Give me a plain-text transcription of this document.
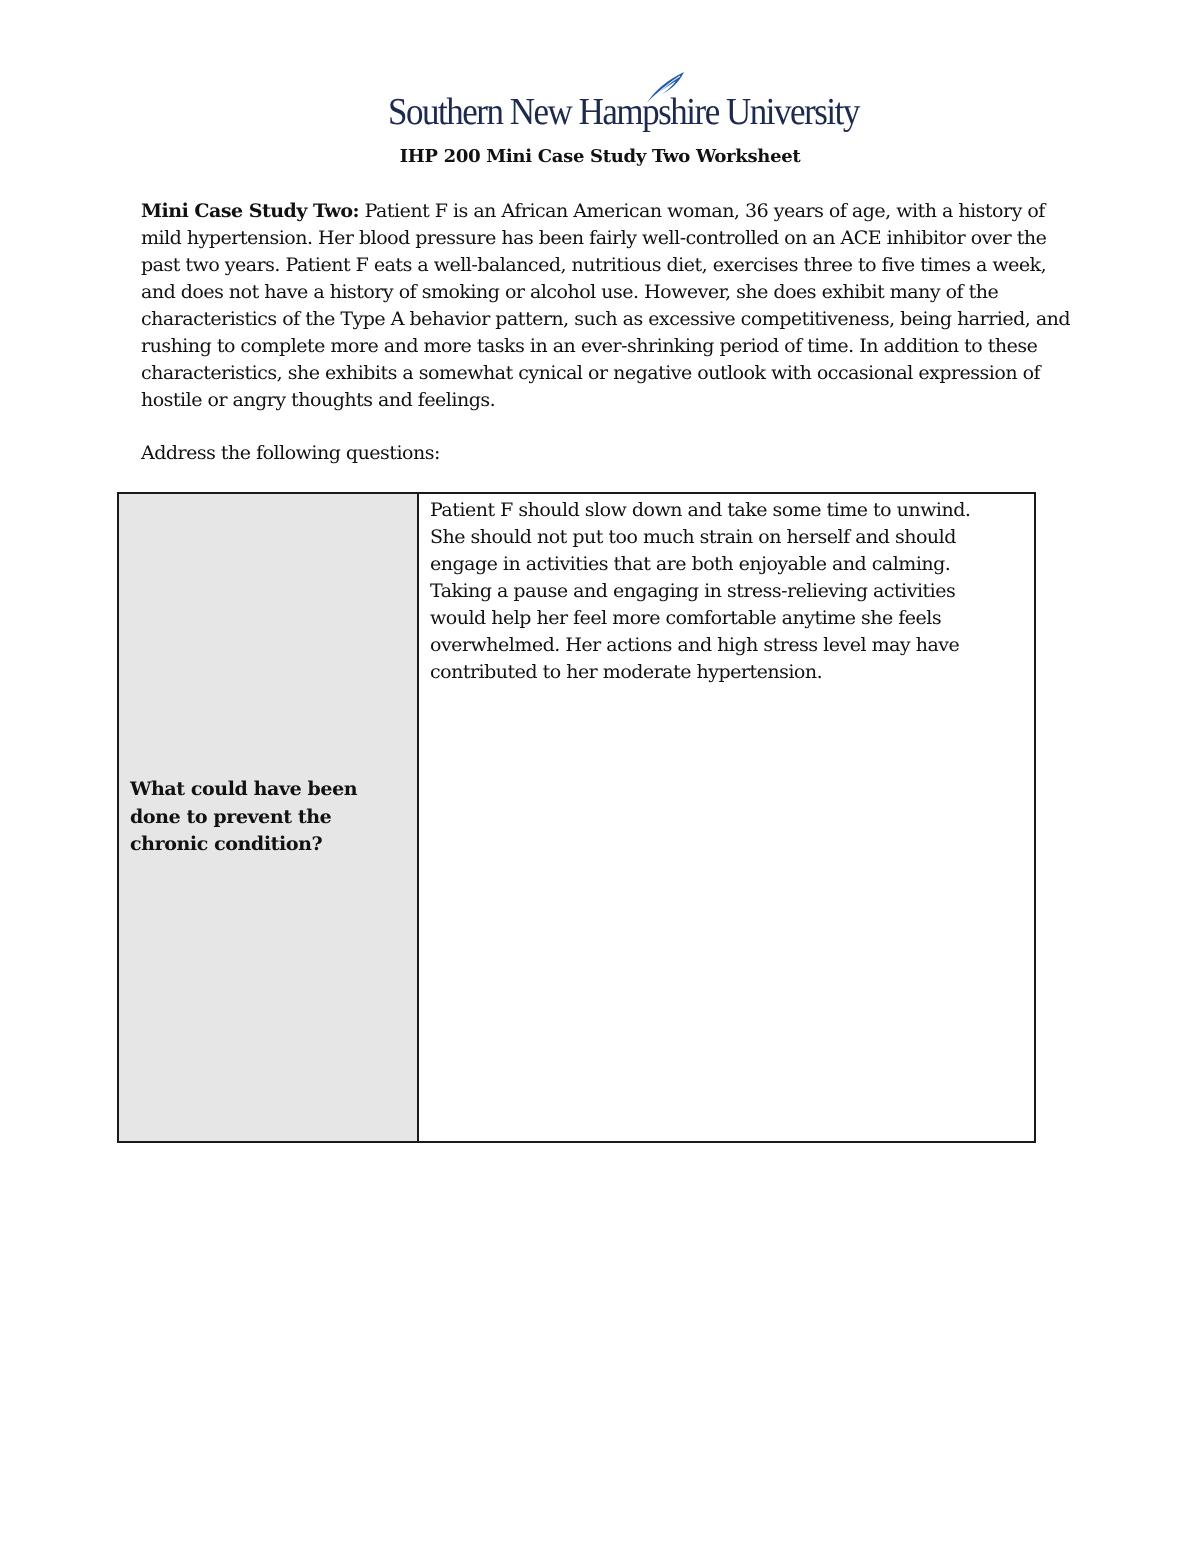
Southern New Hampshire University
IHP 200 Mini Case Study Two Worksheet

Mini Case Study Two: Patient F is an African American woman, 36 years of age, with a history of mild hypertension. Her blood pressure has been fairly well-controlled on an ACE inhibitor over the past two years. Patient F eats a well-balanced, nutritious diet, exercises three to five times a week, and does not have a history of smoking or alcohol use. However, she does exhibit many of the characteristics of the Type A behavior pattern, such as excessive competitiveness, being harried, and rushing to complete more and more tasks in an ever-shrinking period of time. In addition to these characteristics, she exhibits a somewhat cynical or negative outlook with occasional expression of hostile or angry thoughts and feelings.

Address the following questions:

What could have been done to prevent the chronic condition?

Patient F should slow down and take some time to unwind. She should not put too much strain on herself and should engage in activities that are both enjoyable and calming. Taking a pause and engaging in stress-relieving activities would help her feel more comfortable anytime she feels overwhelmed. Her actions and high stress level may have contributed to her moderate hypertension.
